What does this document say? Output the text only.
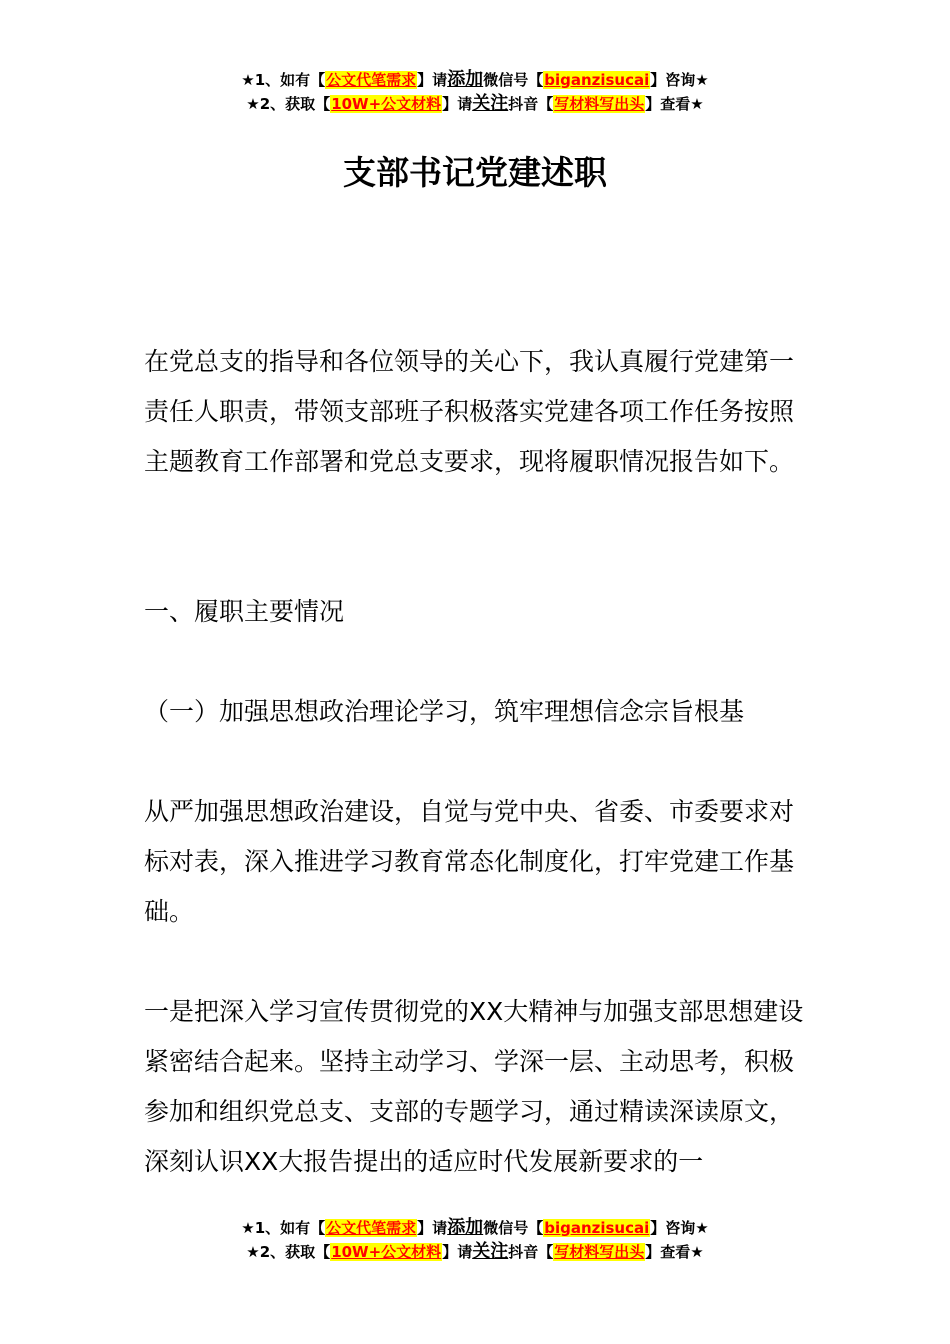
★1、如有【公文代笔需求】请添加微信号【biganzisucai】咨询★
★2、获取【10W+公文材料】请关注抖音【写材料写出头】查看★
支部书记党建述职

在党总支的指导和各位领导的关心下，我认真履行党建第一责任人职责，带领支部班子积极落实党建各项工作任务按照主题教育工作部署和党总支要求，现将履职情况报告如下。

一、履职主要情况

（一）加强思想政治理论学习，筑牢理想信念宗旨根基

从严加强思想政治建设，自觉与党中央、省委、市委要求对标对表，深入推进学习教育常态化制度化，打牢党建工作基础。

一是把深入学习宣传贯彻党的XX大精神与加强支部思想建设紧密结合起来。坚持主动学习、学深一层、主动思考，积极参加和组织党总支、支部的专题学习，通过精读深读原文，深刻认识XX大报告提出的适应时代发展新要求的一

★1、如有【公文代笔需求】请添加微信号【biganzisucai】咨询★
★2、获取【10W+公文材料】请关注抖音【写材料写出头】查看★
